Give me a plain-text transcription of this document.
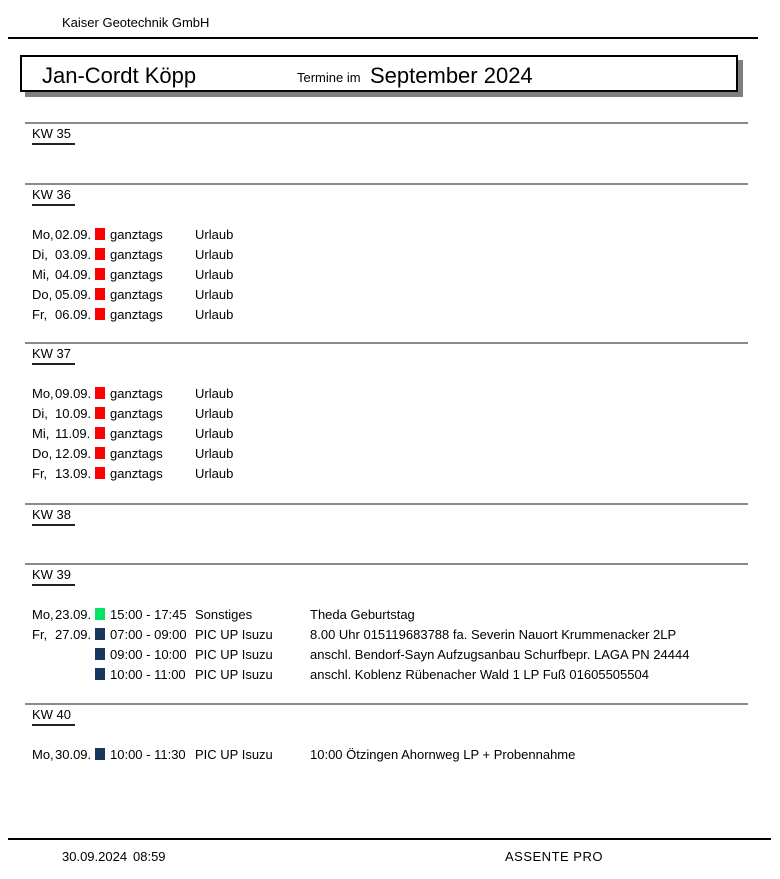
Kaiser Geotechnik GmbH
Jan-Cordt Köpp	Termine im September 2024
KW 35
KW 36
Mo, 02.09. ganztags Urlaub
Di, 03.09. ganztags Urlaub
Mi, 04.09. ganztags Urlaub
Do, 05.09. ganztags Urlaub
Fr, 06.09. ganztags Urlaub
KW 37
Mo, 09.09. ganztags Urlaub
Di, 10.09. ganztags Urlaub
Mi, 11.09. ganztags Urlaub
Do, 12.09. ganztags Urlaub
Fr, 13.09. ganztags Urlaub
KW 38
KW 39
Mo, 23.09. 15:00 - 17:45 Sonstiges	Theda Geburtstag
Fr, 27.09. 07:00 - 09:00 PIC UP Isuzu	8.00 Uhr 015119683788 fa. Severin Nauort Krummenacker 2LP
09:00 - 10:00 PIC UP Isuzu	anschl. Bendorf-Sayn Aufzugsanbau Schurfbepr. LAGA PN 24444
10:00 - 11:00 PIC UP Isuzu	anschl. Koblenz Rübenacher Wald 1 LP Fuß 01605505504
KW 40
Mo, 30.09. 10:00 - 11:30 PIC UP Isuzu	10:00 Ötzingen Ahornweg LP + Probennahme
30.09.2024 08:59	ASSENTE PRO
